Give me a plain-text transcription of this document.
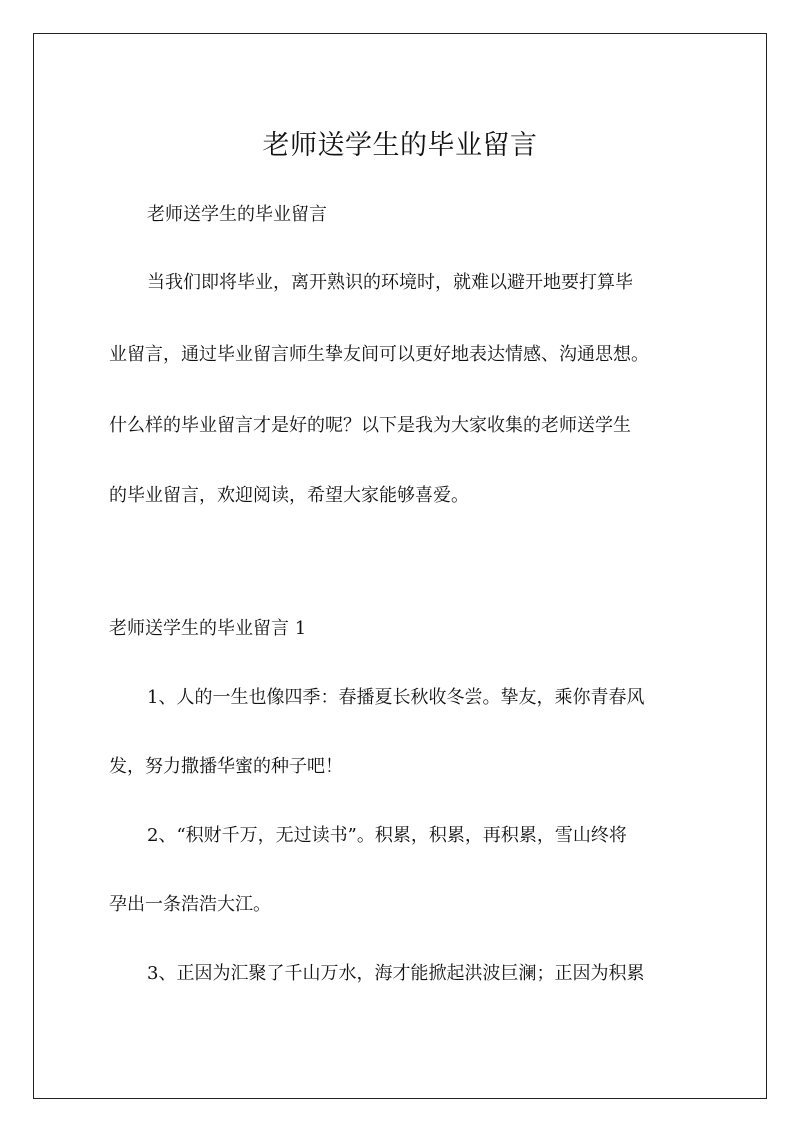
老师送学生的毕业留言
老师送学生的毕业留言
当我们即将毕业，离开熟识的环境时，就难以避开地要打算毕
业留言，通过毕业留言师生挚友间可以更好地表达情感、沟通思想。
什么样的毕业留言才是好的呢？以下是我为大家收集的老师送学生
的毕业留言，欢迎阅读，希望大家能够喜爱。
老师送学生的毕业留言 1
1、人的一生也像四季：春播夏长秋收冬尝。挚友，乘你青春风
发，努力撒播华蜜的种子吧！
2、“积财千万，无过读书”。积累，积累，再积累，雪山终将
孕出一条浩浩大江。
3、正因为汇聚了千山万水，海才能掀起洪波巨澜；正因为积累
